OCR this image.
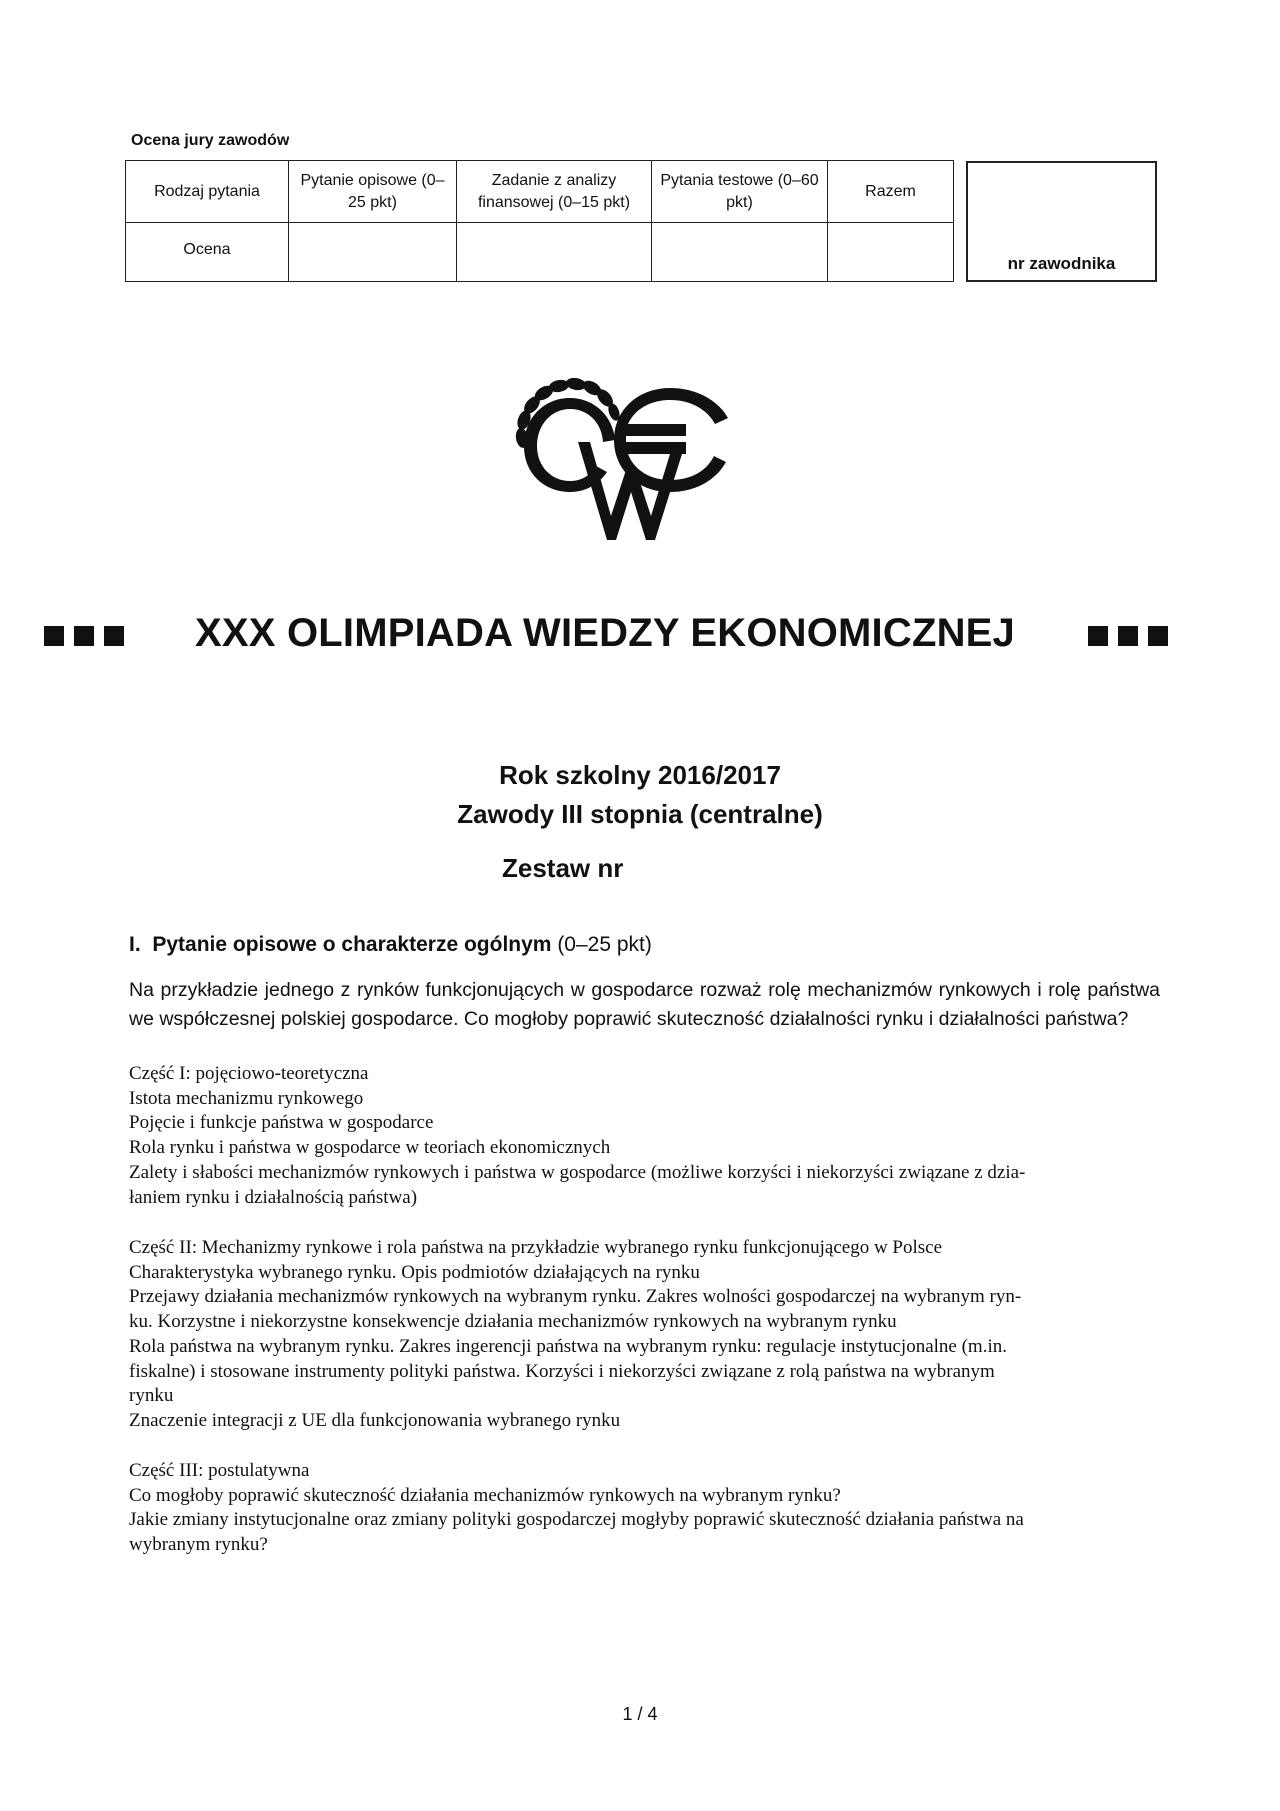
Ocena jury zawodów
Rodzaj pytania	Pytanie opisowe (0–25 pkt)	Zadanie z analizy finansowej (0–15 pkt)	Pytania testowe (0–60 pkt)	Razem
Ocena				
nr zawodnika
XXX OLIMPIADA WIEDZY EKONOMICZNEJ
Rok szkolny 2016/2017
Zawody III stopnia (centralne)
Zestaw nr
I. Pytanie opisowe o charakterze ogólnym (0–25 pkt)
Na przykładzie jednego z rynków funkcjonujących w gospodarce rozważ rolę mechanizmów rynkowych i rolę państwa we współczesnej polskiej gospodarce. Co mogłoby poprawić skuteczność działalności rynku i działalności państwa?
Część I: pojęciowo-teoretyczna
Istota mechanizmu rynkowego
Pojęcie i funkcje państwa w gospodarce
Rola rynku i państwa w gospodarce w teoriach ekonomicznych
Zalety i słabości mechanizmów rynkowych i państwa w gospodarce (możliwe korzyści i niekorzyści związane z dzia-
łaniem rynku i działalnością państwa)
Część II: Mechanizmy rynkowe i rola państwa na przykładzie wybranego rynku funkcjonującego w Polsce
Charakterystyka wybranego rynku. Opis podmiotów działających na rynku
Przejawy działania mechanizmów rynkowych na wybranym rynku. Zakres wolności gospodarczej na wybranym ryn-
ku. Korzystne i niekorzystne konsekwencje działania mechanizmów rynkowych na wybranym rynku
Rola państwa na wybranym rynku. Zakres ingerencji państwa na wybranym rynku: regulacje instytucjonalne (m.in.
fiskalne) i stosowane instrumenty polityki państwa. Korzyści i niekorzyści związane z rolą państwa na wybranym
rynku
Znaczenie integracji z UE dla funkcjonowania wybranego rynku
Część III: postulatywna
Co mogłoby poprawić skuteczność działania mechanizmów rynkowych na wybranym rynku?
Jakie zmiany instytucjonalne oraz zmiany polityki gospodarczej mogłyby poprawić skuteczność działania państwa na
wybranym rynku?
1 / 4
